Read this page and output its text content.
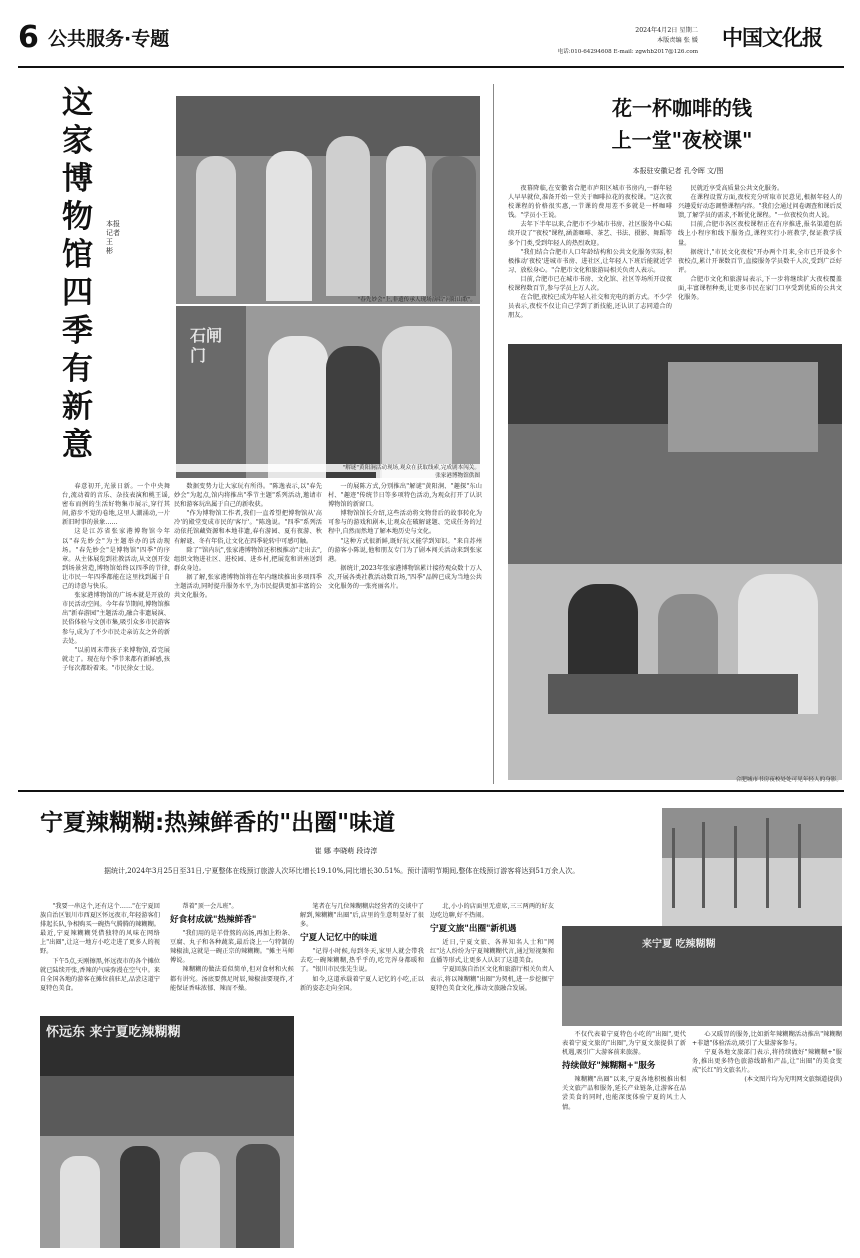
6 公共服务·专题	2024年4月2日 星期二
本版责编 张 媛
电话:010-64294608 E-mail: zgwhb2017@126.com
中国文化报
这家博物馆四季有新意
本报记者
王 彬
"春先妙会"上,非遗传承人现场演唱"河阳山歌"。
石闸门
"解谜"黄阳涧活动现场,观众在获取线索,完成剧本闯关。
张家港博物馆供图

春意初开,光景日新。一个中央舞台,流动着的音乐、杂技表演和桃王谣,密布而例的生活好物集市展示,穿行其间,游步不觉的卷地,这里人潮涌动,一片新旧时事的景象……

这是江苏省张家港博物馆今年以"春先妙会"为主题举办的活动现场。"春先妙会"是博物馆"四季"的序章。从主体展览到社教活动,从文创开发到场景营造,博物馆始终以四季的节律,让市民一年四季都能在这里找到属于自己的诗意与快乐。

张家港博物馆的广场本就是开放的市民活动空间。今年春节期间,博物馆推出"新春游园"主题活动,融合非遗展演、民俗体验与文创市集,吸引众多市民游客参与,成为了不少市民走亲访友之外的新去处。

"以前周末带孩子来博物馆,看完展就走了。现在每个季节来都有新鲜感,孩子每次都盼着来。"市民徐女士说。

数据变势力让大家玩有所得。"陈逸表示,以"春先妙会"为起点,馆内将推出"季节主题"系列活动,邀请市民和游客玩出属于自己的新收获。

"作为博物馆工作者,我们一直希望把博物馆从'高冷'的殿堂变成市民的'客厅'。"陈逸说。"四季"系列活动依托馆藏资源和本地非遗,春有游园、夏有夜游、秋有解谜、冬有年俗,让文化在四季轮转中可感可触。

除了"馆内玩",张家港博物馆还积极推动"走出去",组织文物进社区、进校园、进乡村,把展览和讲座送到群众身边。

据了解,张家港博物馆将在年内继续推出多项四季主题活动,同时提升服务水平,为市民提供更加丰富的公共文化服务。

一的展陈方式,分别推出"解谜"黄阳涧、"趣探"东山村、"趣迹"传统节日等多项特色活动,为观众打开了认识博物馆的新窗口。

博物馆馆长介绍,这些活动将文物背后的故事转化为可参与的游戏和剧本,让观众在破解谜题、完成任务的过程中,自然而然地了解本地历史与文化。

"这种方式很新鲜,既好玩又能学到知识。"来自苏州的游客小陈说,他和朋友专门为了剧本闯关活动来到张家港。

据统计,2023年张家港博物馆累计接待观众数十万人次,开展各类社教活动数百场,"四季"品牌已成为当地公共文化服务的一张亮丽名片。

花一杯咖啡的钱
上一堂"夜校课"
本报驻安徽记者 孔令晖 文/图

夜幕降临,在安徽省合肥市庐阳区城市书房内,一群年轻人早早就位,准备开始一堂关于咖啡拉花的夜校课。"这次夜校课程的价格很实惠,一节课的费用差不多就是一杯咖啡钱。"学员小王说。

去年下半年以来,合肥市不少城市书房、社区服务中心陆续开设了"夜校"课程,涵盖咖啡、茶艺、书法、摄影、舞蹈等多个门类,受到年轻人的热烈欢迎。

"我们结合合肥市人口年龄结构和公共文化服务实际,积极推动'夜校'进城市书房、进社区,让年轻人下班后能就近学习、放松身心。"合肥市文化和旅游局相关负责人表示。

目前,合肥市已在城市书房、文化馆、社区等场所开设夜校课程数百节,参与学员上万人次。

在合肥,夜校已成为年轻人社交和充电的新方式。不少学员表示,夜校不仅让自己学到了新技能,还认识了志同道合的朋友。

民就近享受高质量公共文化服务。

在课程设置方面,夜校充分听取市民意见,根据年轻人的兴趣爱好动态调整课程内容。"我们会通过问卷调查和课后反馈,了解学员的需求,不断优化课程。"一位夜校负责人说。

目前,合肥市各区夜校课程正在有序推进,报名渠道包括线上小程序和线下服务点,课程实行小班教学,保证教学质量。

据统计,"市民文化夜校"开办两个月来,全市已开设多个夜校点,累计开课数百节,直接服务学员数千人次,受到广泛好评。

合肥市文化和旅游局表示,下一步将继续扩大夜校覆盖面,丰富课程种类,让更多市民在家门口享受到优质的公共文化服务。

合肥城市书房夜校处处可见年轻人的身影。
宁夏辣糊糊:热辣鲜香的"出圈"味道
崔 娜 李晓萌 段诗淳
据统计,2024年3月25日至31日,宁夏整体在线预订旅游人次环比增长19.10%,同比增长30.51%。预计清明节期间,整体在线预订游客将达到51万余人次。

"我要一串这个,还有这个……"在宁夏回族自治区银川市西夏区怀远夜市,年轻游客们排起长队,争相购买一碗热气腾腾的辣糊糊。最近,宁夏辣糊糊凭借独特的风味在网络上"出圈",让这一地方小吃走进了更多人的视野。

下午5点,天刚擦黑,怀远夜市的各个摊位就已陆续开张,香辣的气味弥漫在空气中。来自全国各地的游客在摊位前驻足,品尝这道宁夏特色美食。

帮着"顶一会儿班"。

好食材成就"热辣鲜香"

"我们用的是羊骨熬的高汤,再加上粉条、豆腐、丸子和各种蔬菜,最后浇上一勺特制的辣椒油,这就是一碗正宗的辣糊糊。"摊主马师傅说。

辣糊糊的做法看似简单,但对食材和火候都有讲究。汤底要熬足时辰,辣椒油要现炸,才能保证香味浓郁、辣而不燥。

笔者在与几位辣糊糊店经营者的交谈中了解到,辣糊糊"出圈"后,店里的生意明显好了很多。

宁夏人记忆中的味道

"记得小时候,每到冬天,家里人就会带我去吃一碗辣糊糊,热乎乎的,吃完浑身都暖和了。"银川市民张先生说。

如今,这道承载着宁夏人记忆的小吃,正以新的姿态走向全国。

北,小小的店面里无虚席,三三两两的好友边吃边聊,好不热闹。

宁夏文旅"出圈"新机遇

近日,宁夏文旅、各界知名人士和"网红"达人纷纷为宁夏辣糊糊代言,通过短视频和直播等形式,让更多人认识了这道美食。

宁夏回族自治区文化和旅游厅相关负责人表示,将以辣糊糊"出圈"为契机,进一步挖掘宁夏特色美食文化,推动文旅融合发展。

来宁夏 吃辣糊糊

不仅代表着宁夏特色小吃的"出圈",更代表着宁夏文旅的"出圈",为宁夏文旅提供了新机遇,吸引广大游客前来旅游。

持续做好"辣糊糊+"服务

辣糊糊"出圈"以来,宁夏各地积极推出相关文旅产品和服务,延长产业链条,让游客在品尝美食的同时,也能深度体验宁夏的风土人情。

心又暖胃的服务,比如新年辣糊糊活动推出"辣糊糊+非遗"体验活动,吸引了大量游客参与。

宁夏各地文旅部门表示,将持续做好"辣糊糊+"服务,推出更多特色旅游线路和产品,让"出圈"的美食变成"长红"的文旅名片。

(本文图片均为光明网文旅频道提供)

怀远东 来宁夏吃辣糊糊
